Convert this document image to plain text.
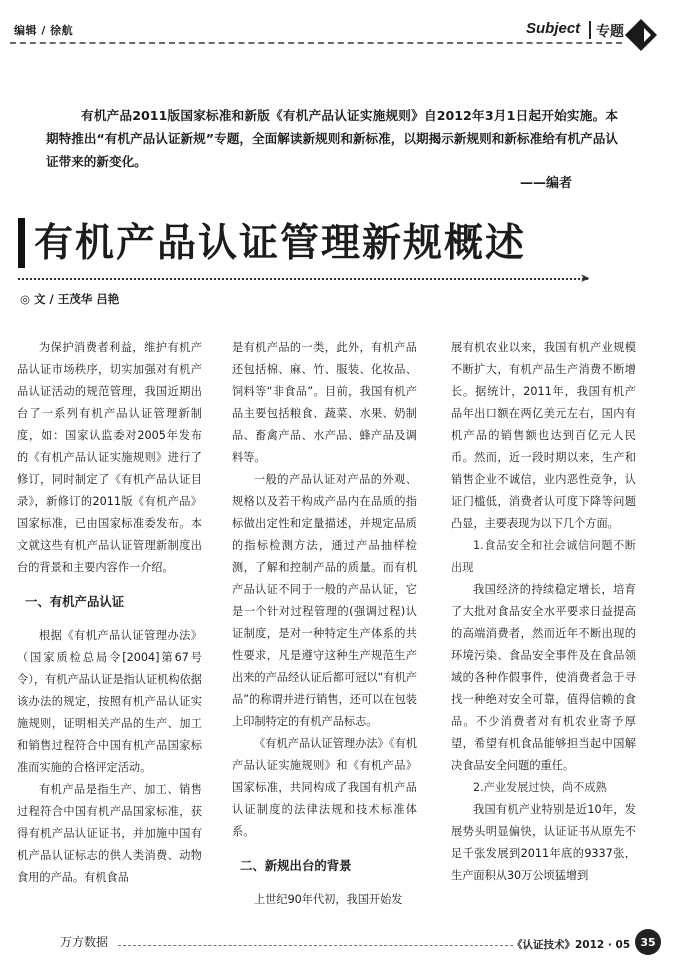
编辑 / 徐航	Subject 专题
有机产品2011版国家标准和新版《有机产品认证实施规则》自2012年3月1日起开始实施。本期特推出“有机产品认证新规”专题，全面解读新规则和新标准，以期揭示新规则和新标准给有机产品认证带来的新变化。
——编者
有机产品认证管理新规概述
➤
◎ 文 / 王茂华 吕艳

为保护消费者利益，维护有机产品认证市场秩序，切实加强对有机产品认证活动的规范管理，我国近期出台了一系列有机产品认证管理新制度，如：国家认监委对2005年发布的《有机产品认证实施规则》进行了修订，同时制定了《有机产品认证目录》，新修订的2011版《有机产品》国家标准，已由国家标准委发布。本文就这些有机产品认证管理新制度出台的背景和主要内容作一介绍。

一、有机产品认证

根据《有机产品认证管理办法》（国家质检总局令[2004]第67号令），有机产品认证是指认证机构依据该办法的规定，按照有机产品认证实施规则，证明相关产品的生产、加工和销售过程符合中国有机产品国家标准而实施的合格评定活动。

有机产品是指生产、加工、销售过程符合中国有机产品国家标准，获得有机产品认证证书，并加施中国有机产品认证标志的供人类消费、动物食用的产品。有机食品

是有机产品的一类，此外，有机产品还包括棉、麻、竹、服装、化妆品、饲料等“非食品”。目前，我国有机产品主要包括粮食、蔬菜、水果、奶制品、畜禽产品、水产品、蜂产品及调料等。

一般的产品认证对产品的外观、规格以及若干构成产品内在品质的指标做出定性和定量描述，并规定品质的指标检测方法，通过产品抽样检测，了解和控制产品的质量。而有机产品认证不同于一般的产品认证，它是一个针对过程管理的(强调过程)认证制度，是对一种特定生产体系的共性要求，凡是遵守这种生产规范生产出来的产品经认证后都可冠以“有机产品”的称谓并进行销售，还可以在包装上印制特定的有机产品标志。

《有机产品认证管理办法》《有机产品认证实施规则》和《有机产品》国家标准，共同构成了我国有机产品认证制度的法律法规和技术标准体系。

二、新规出台的背景

上世纪90年代初，我国开始发

展有机农业以来，我国有机产业规模不断扩大，有机产品生产消费不断增长。据统计，2011年，我国有机产品年出口额在两亿美元左右，国内有机产品的销售额也达到百亿元人民币。然而，近一段时期以来，生产和销售企业不诚信，业内恶性竞争，认证门槛低，消费者认可度下降等问题凸显，主要表现为以下几个方面。

1.食品安全和社会诚信问题不断出现

我国经济的持续稳定增长，培育了大批对食品安全水平要求日益提高的高端消费者，然而近年不断出现的环境污染、食品安全事件及在食品领域的各种作假事件，使消费者急于寻找一种绝对安全可靠，值得信赖的食品。不少消费者对有机农业寄予厚望，希望有机食品能够担当起中国解决食品安全问题的重任。

2.产业发展过快，尚不成熟

我国有机产业特别是近10年，发展势头明显偏快，认证证书从原先不足千张发展到2011年底的9337张，生产面积从30万公顷猛增到

万方数据	《认证技术》2012 · 05 35
